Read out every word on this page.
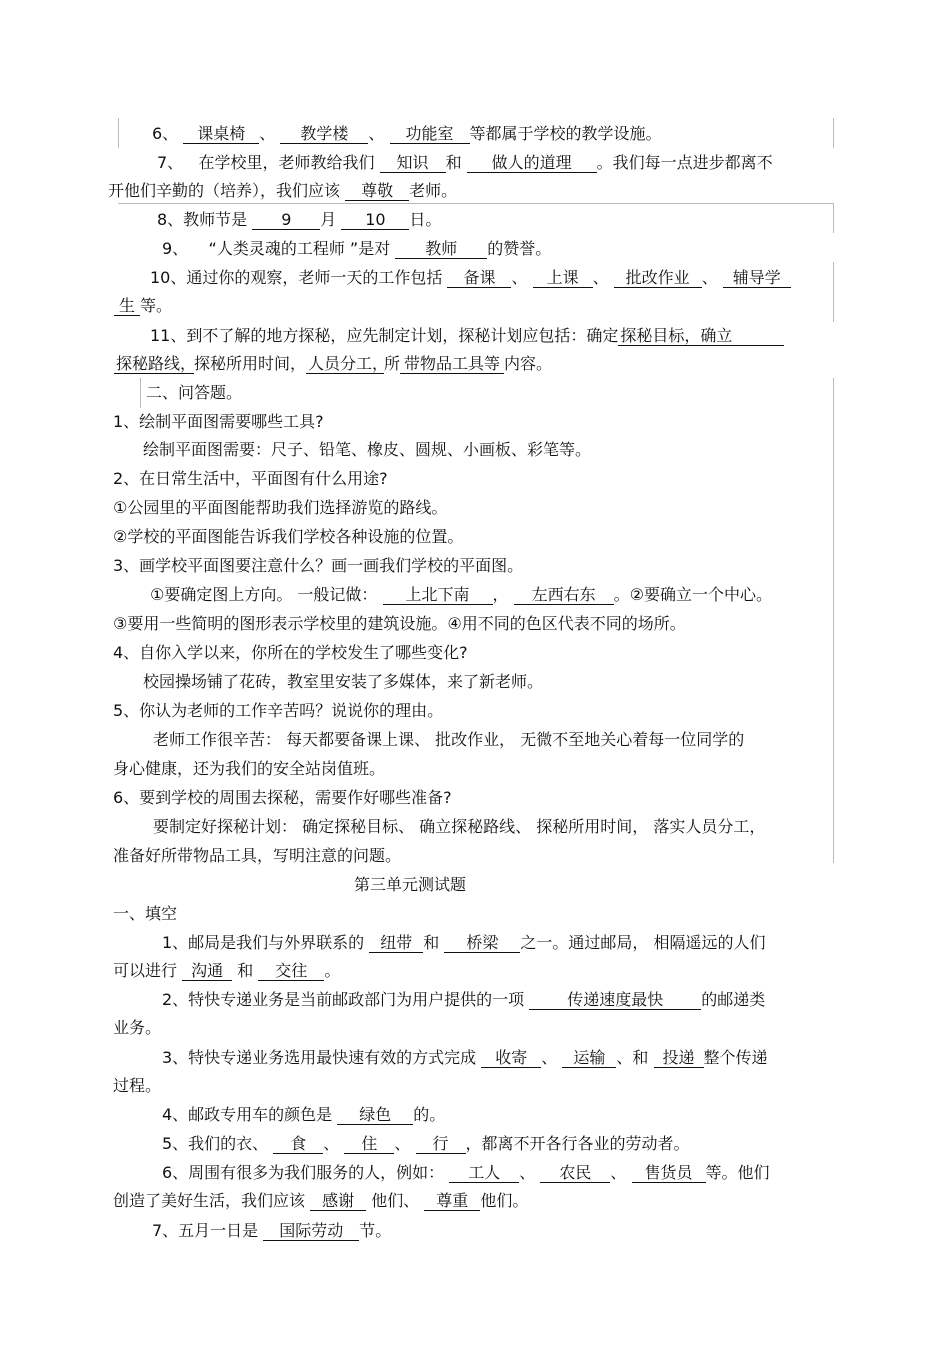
6、 课桌椅 、 教学楼 、 功能室 等都属于学校的教学设施。
7、 在学校里，老师教给我们 知识 和 做人的道理 。我们每一点进步都离不
开他们辛勤的（培养），我们应该 尊敬 老师。
8、教师节是 9 月 10 日。
9、 “人类灵魂的工程师 ”是对 教师 的赞誉。
10、通过你的观察，老师一天的工作包括 备课 、 上课 、 批改作业 、 辅导学
生 等。
11、到不了解的地方探秘，应先制定计划，探秘计划应包括：确定 探秘目标，确立
探秘路线，探秘所用时间， 人员分工，所 带物品工具等 内容。
二、问答题。
1、绘制平面图需要哪些工具?
绘制平面图需要：尺子、铅笔、橡皮、圆规、小画板、彩笔等。
2、在日常生活中，平面图有什么用途?
①公园里的平面图能帮助我们选择游览的路线。
②学校的平面图能告诉我们学校各种设施的位置。
3、画学校平面图要注意什么？画一画我们学校的平面图。
①要确定图上方向。 一般记做： 上北下南 ， 左西右东 。②要确立一个中心。
③要用一些简明的图形表示学校里的建筑设施。④用不同的色区代表不同的场所。
4、自你入学以来，你所在的学校发生了哪些变化?
校园操场铺了花砖，教室里安装了多媒体，来了新老师。
5、你认为老师的工作辛苦吗？说说你的理由。
老师工作很辛苦： 每天都要备课上课、 批改作业， 无微不至地关心着每一位同学的
身心健康，还为我们的安全站岗值班。
6、要到学校的周围去探秘，需要作好哪些准备?
要制定好探秘计划： 确定探秘目标、 确立探秘路线、 探秘所用时间， 落实人员分工，
准备好所带物品工具，写明注意的问题。
第三单元测试题
一、填空
1、邮局是我们与外界联系的 纽带 和 桥梁 之一。通过邮局， 相隔遥远的人们
可以进行 沟通 和 交往 。
2、特快专递业务是当前邮政部门为用户提供的一项	传递速度最快 的邮递类
业务。
3、特快专递业务选用最快速有效的方式完成 收寄 、 运输 、和 投递 整个传递
过程。
4、邮政专用车的颜色是 绿色 的。
5、我们的衣、 食 、 住 、 行 ，都离不开各行各业的劳动者。
6、周围有很多为我们服务的人，例如： 工人 、 农民 、 售货员 等。他们
创造了美好生活，我们应该 感谢 他们、 尊重 他们。
7、五月一日是 国际劳动 节。
